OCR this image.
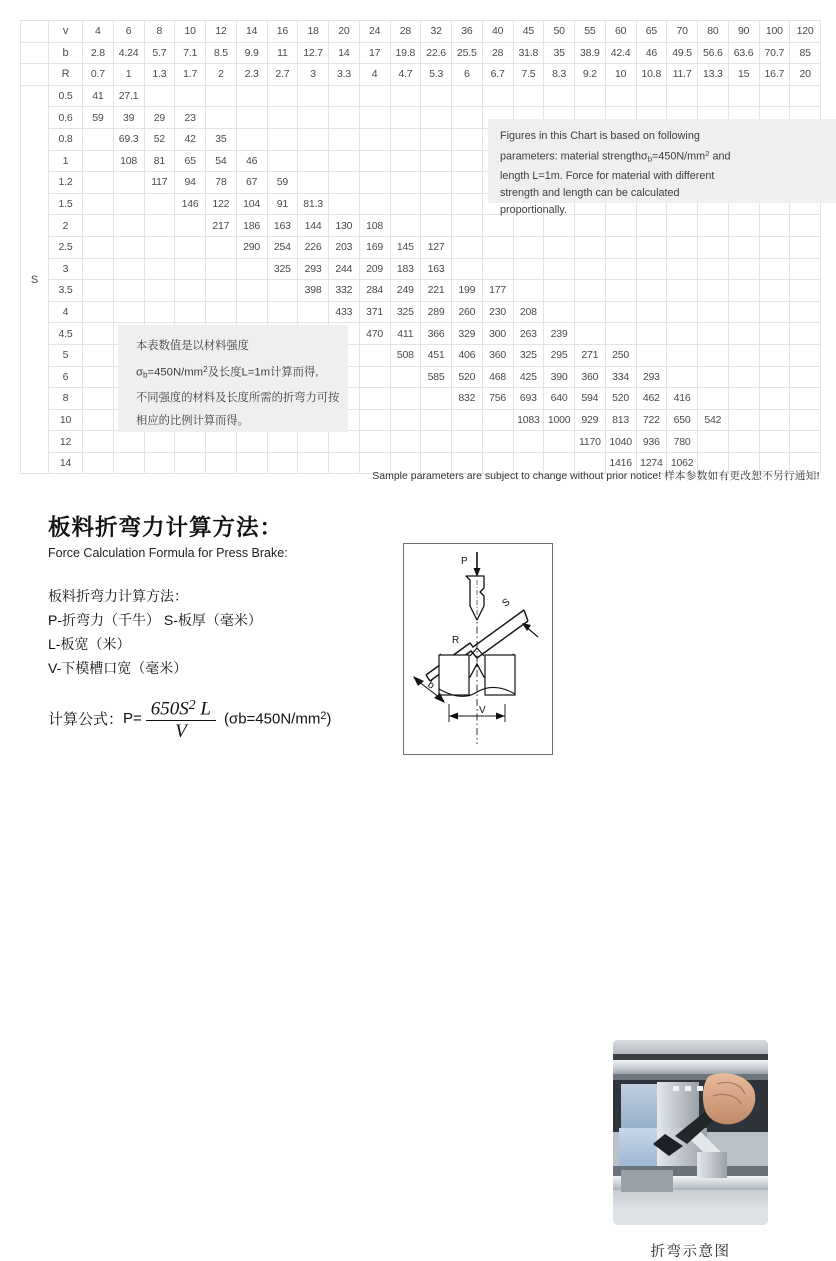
	v	4	6	8	10	12	14	16	18	20	24	28	32	36	40	45	50	55	60	65	70	80	90	100	120
	b	2.8	4.24	5.7	7.1	8.5	9.9	11	12.7	14	17	19.8	22.6	25.5	28	31.8	35	38.9	42.4	46	49.5	56.6	63.6	70.7	85
	R	0.7	1	1.3	1.7	2	2.3	2.7	3	3.3	4	4.7	5.3	6	6.7	7.5	8.3	9.2	10	10.8	11.7	13.3	15	16.7	20
S	0.5	41	27.1																						
	0.6	59	39	29	23																				
	0.8		69.3	52	42	35																			
	1		108	81	65	54	46																		
	1.2			117	94	78	67	59																	
	1.5				146	122	104	91	81.3																
	2					217	186	163	144	130	108														
	2.5						290	254	226	203	169	145	127												
	3							325	293	244	209	183	163												
	3.5								398	332	284	249	221	199	177										
	4									433	371	325	289	260	230	208									
	4.5										470	411	366	329	300	263	239								
	5											508	451	406	360	325	295	271	250						
	6												585	520	468	425	390	360	334	293					
	8													832	756	693	640	594	520	462	416				
	10															1083	1000	929	813	722	650	542			
	12																	1170	1040	936	780				
	14																		1416	1274	1062				
Figures in this Chart is based on following
parameters: material $strength\sigma_b=450N/mm^2$ and
length L=1m. Force for material with different
strength and length can be calculated
proportionally.
本表数值是以材料强度
$\sigma_b=450N/mm^2$及长度L=1m计算而得,
不同强度的材料及长度所需的折弯力可按
相应的比例计算而得。
Sample parameters are subject to change without prior notice! 样本参数如有更改恕不另行通知!
板料折弯力计算方法：
Force Calculation Formula for Press Brake:
板料折弯力计算方法：
P-折弯力（千牛） S-板厚（毫米）
L-板宽（米）
V-下模槽口宽（毫米）
计算公式： $P= \frac{650S^2 L}{V} (\sigma b=450N/mm^2)$
P
S
R
b
V
折弯示意图
